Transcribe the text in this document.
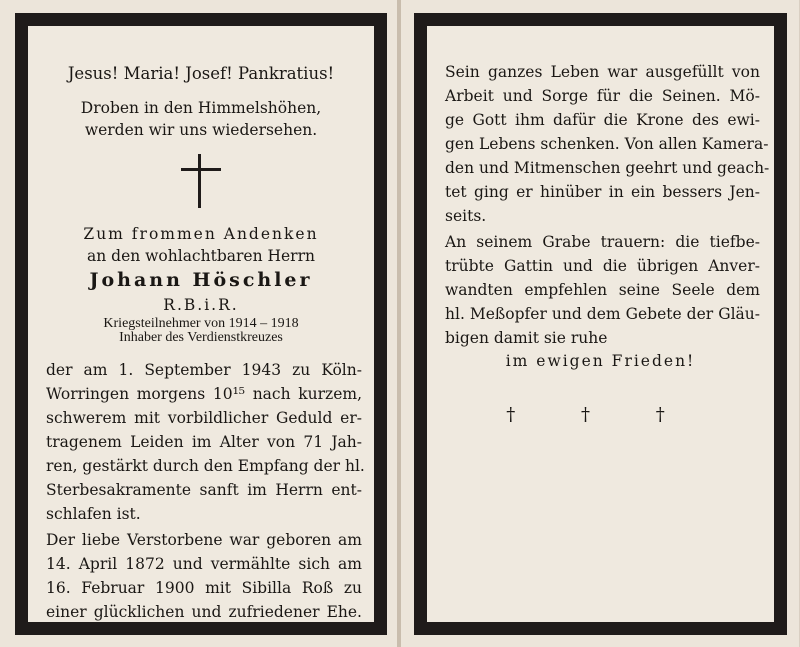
Jesus! Maria! Josef! Pankratius!
Droben in den Himmelshöhen,
werden wir uns wiedersehen.
Zum frommen Andenken
an den wohlachtbaren Herrn
Johann Höschler
R.B.i.R.
Kriegsteilnehmer von 1914 – 1918
Inhaber des Verdienstkreuzes
der am 1. September 1943 zu Köln-
Worringen morgens 10¹⁵ nach kurzem,
schwerem mit vorbildlicher Geduld er-
tragenem Leiden im Alter von 71 Jah-
ren, gestärkt durch den Empfang der hl.
Sterbesakramente sanft im Herrn ent-
schlafen ist.
Der liebe Verstorbene war geboren am
14. April 1872 und vermählte sich am
16. Februar 1900 mit Sibilla Roß zu
einer glücklichen und zufriedener Ehe.
Sein ganzes Leben war ausgefüllt von
Arbeit und Sorge für die Seinen. Mö-
ge Gott ihm dafür die Krone des ewi-
gen Lebens schenken. Von allen Kamera-
den und Mitmenschen geehrt und geach-
tet ging er hinüber in ein bessers Jen-
seits.
An seinem Grabe trauern: die tiefbe-
trübte Gattin und die übrigen Anver-
wandten empfehlen seine Seele dem
hl. Meßopfer und dem Gebete der Gläu-
bigen damit sie ruhe
im ewigen Frieden!
† † †
